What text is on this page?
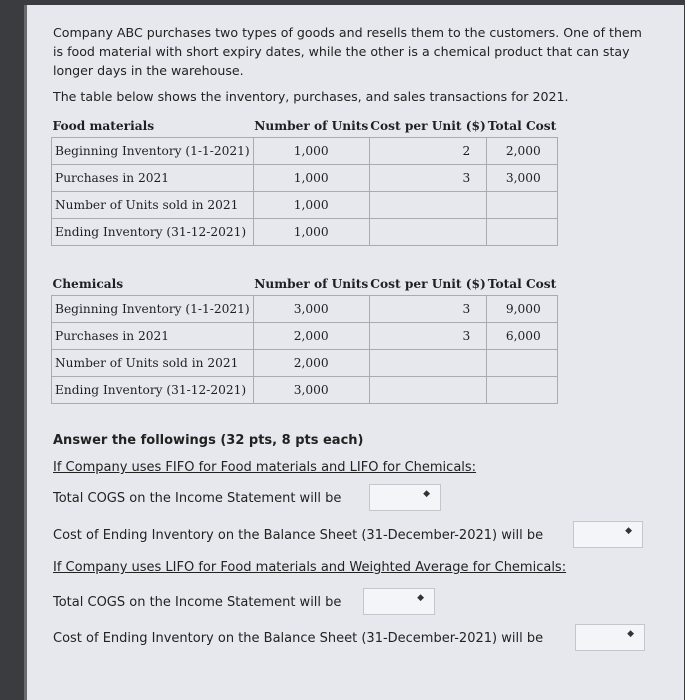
Company ABC purchases two types of goods and resells them to the customers. One of them is food material with short expiry dates, while the other is a chemical product that can stay longer days in the warehouse.
The table below shows the inventory, purchases, and sales transactions for 2021.
Food materials	Number of Units	Cost per Unit ($)	Total Cost
Beginning Inventory (1-1-2021)	1,000	2	2,000
Purchases in 2021	1,000	3	3,000
Number of Units sold in 2021	1,000		
Ending Inventory (31-12-2021)	1,000		
Chemicals	Number of Units	Cost per Unit ($)	Total Cost
Beginning Inventory (1-1-2021)	3,000	3	9,000
Purchases in 2021	2,000	3	6,000
Number of Units sold in 2021	2,000		
Ending Inventory (31-12-2021)	3,000		
Answer the followings (32 pts, 8 pts each)
If Company uses FIFO for Food materials and LIFO for Chemicals:
Total COGS on the Income Statement will be	◆
Cost of Ending Inventory on the Balance Sheet (31-December-2021) will be	◆
If Company uses LIFO for Food materials and Weighted Average for Chemicals:
Total COGS on the Income Statement will be	◆
Cost of Ending Inventory on the Balance Sheet (31-December-2021) will be	◆
